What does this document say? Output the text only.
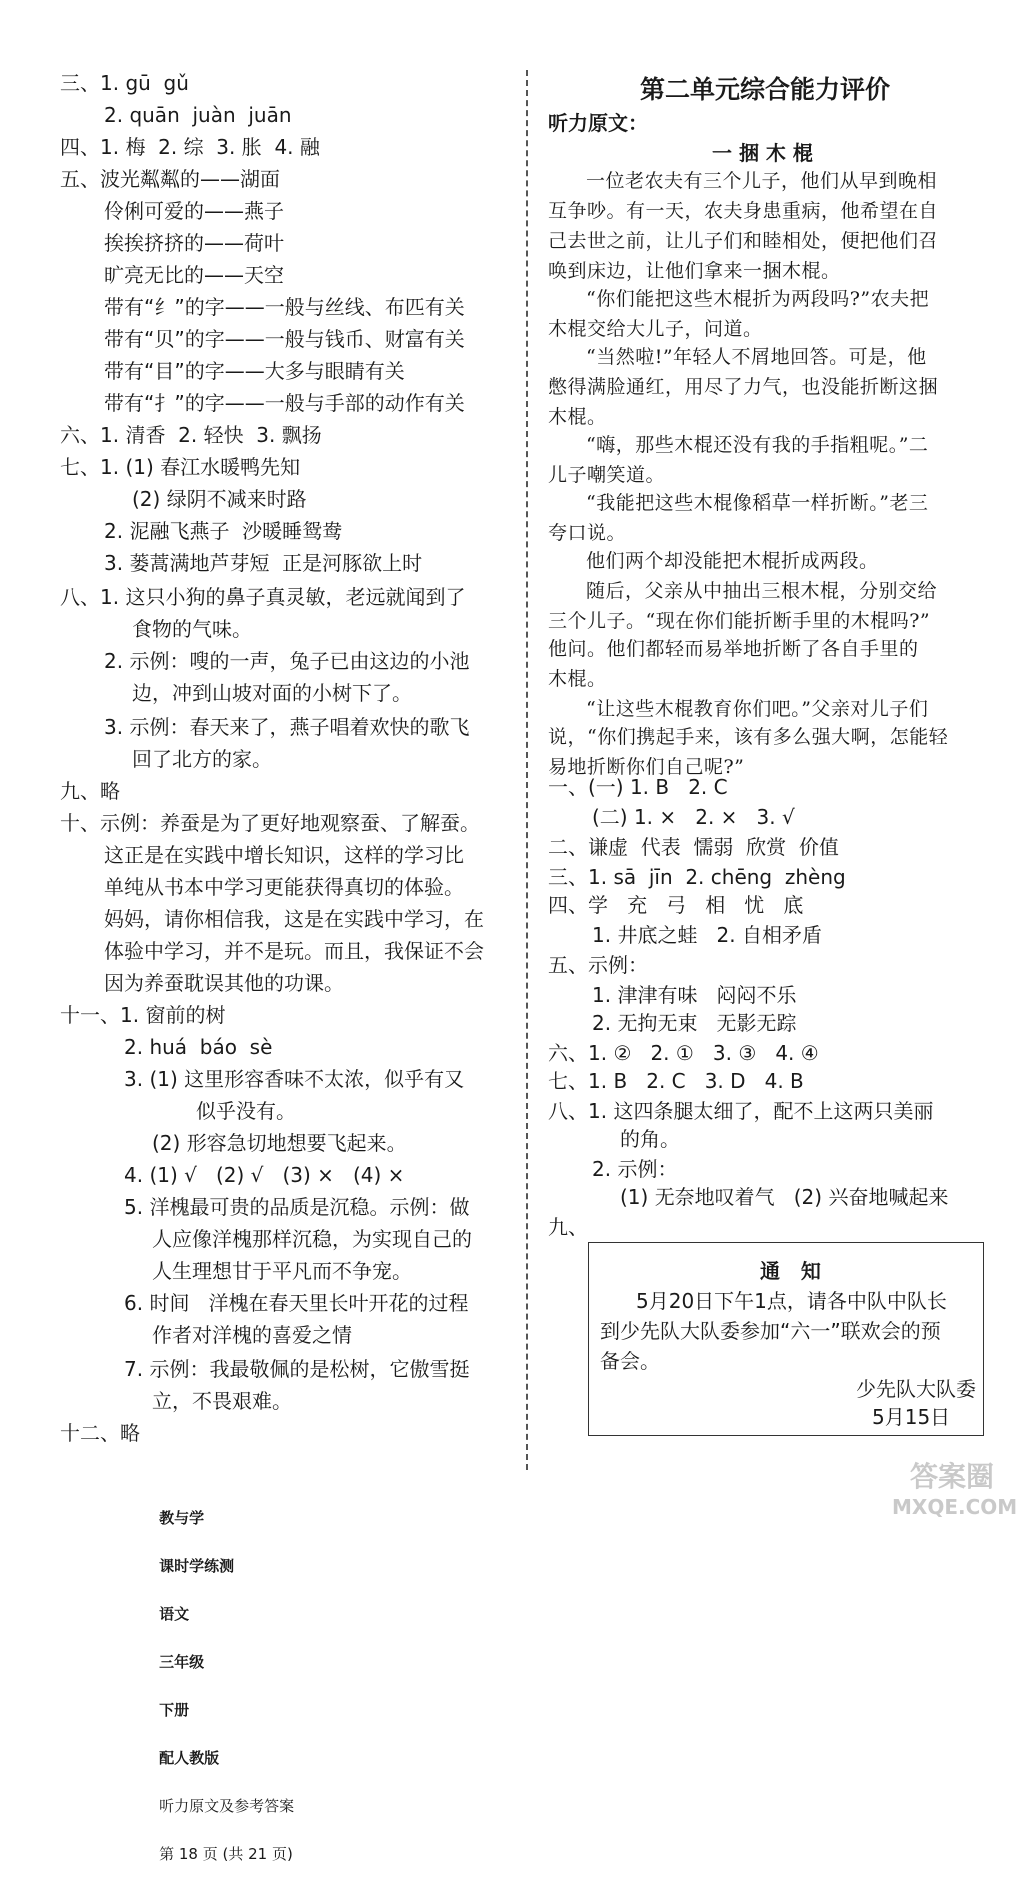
三、1. gū  gǔ
2. quān  juàn  juān
四、1. 梅  2. 综  3. 胀  4. 融
五、波光粼粼的——湖面
伶俐可爱的——燕子
挨挨挤挤的——荷叶
旷亮无比的——天空
带有“纟”的字——一般与丝线、布匹有关
带有“贝”的字——一般与钱币、财富有关
带有“目”的字——大多与眼睛有关
带有“扌”的字——一般与手部的动作有关
六、1. 清香  2. 轻快  3. 飘扬
七、1. (1) 春江水暖鸭先知
(2) 绿阴不减来时路
2. 泥融飞燕子  沙暖睡鸳鸯
3. 蒌蒿满地芦芽短  正是河豚欲上时
八、1. 这只小狗的鼻子真灵敏，老远就闻到了
食物的气味。
2. 示例：嗖的一声，兔子已由这边的小池
边，冲到山坡对面的小树下了。
3. 示例：春天来了，燕子唱着欢快的歌飞
回了北方的家。
九、略
十、示例：养蚕是为了更好地观察蚕、了解蚕。
这正是在实践中增长知识，这样的学习比
单纯从书本中学习更能获得真切的体验。
妈妈，请你相信我，这是在实践中学习，在
体验中学习，并不是玩。而且，我保证不会
因为养蚕耽误其他的功课。
十一、1. 窗前的树
2. huá  báo  sè
3. (1) 这里形容香味不太浓，似乎有又
似乎没有。
(2) 形容急切地想要飞起来。
4. (1) √   (2) √   (3) ×   (4) ×
5. 洋槐最可贵的品质是沉稳。示例：做
人应像洋槐那样沉稳，为实现自己的
人生理想甘于平凡而不争宠。
6. 时间   洋槐在春天里长叶开花的过程
作者对洋槐的喜爱之情
7. 示例：我最敬佩的是松树，它傲雪挺
立，不畏艰难。
十二、略
第二单元综合能力评价
听力原文：
一 捆 木 棍
一位老农夫有三个儿子，他们从早到晚相
互争吵。有一天，农夫身患重病，他希望在自
己去世之前，让儿子们和睦相处，便把他们召
唤到床边，让他们拿来一捆木棍。
“你们能把这些木棍折为两段吗?”农夫把
木棍交给大儿子，问道。
“当然啦!”年轻人不屑地回答。可是，他
憋得满脸通红，用尽了力气，也没能折断这捆
木棍。
“嗨，那些木棍还没有我的手指粗呢。”二
儿子嘲笑道。
“我能把这些木棍像稻草一样折断。”老三
夸口说。
他们两个却没能把木棍折成两段。
随后，父亲从中抽出三根木棍，分别交给
三个儿子。“现在你们能折断手里的木棍吗?”
他问。他们都轻而易举地折断了各自手里的
木棍。
“让这些木棍教育你们吧。”父亲对儿子们
说，“你们携起手来，该有多么强大啊，怎能轻
易地折断你们自己呢?”
一、(一) 1. B   2. C
(二) 1. ×   2. ×   3. √
二、谦虚  代表  懦弱  欣赏  价值
三、1. sā  jīn  2. chēng  zhèng
四、学   充   弓   相   忧   底
1. 井底之蛙   2. 自相矛盾
五、示例：
1. 津津有味   闷闷不乐
2. 无拘无束   无影无踪
六、1. ②   2. ①   3. ③   4. ④
七、1. B   2. C   3. D   4. B
八、1. 这四条腿太细了，配不上这两只美丽
的角。
2. 示例：
(1) 无奈地叹着气   (2) 兴奋地喊起来
九、
通   知
5月20日下午1点，请各中队中队长
到少先队大队委参加“六一”联欢会的预
备会。
少先队大队委
5月15日

教与学

课时学练测

语文

三年级

下册

配人教版

听力原文及参考答案

第 18 页 (共 21 页)

答案圈
MXQE.COM
